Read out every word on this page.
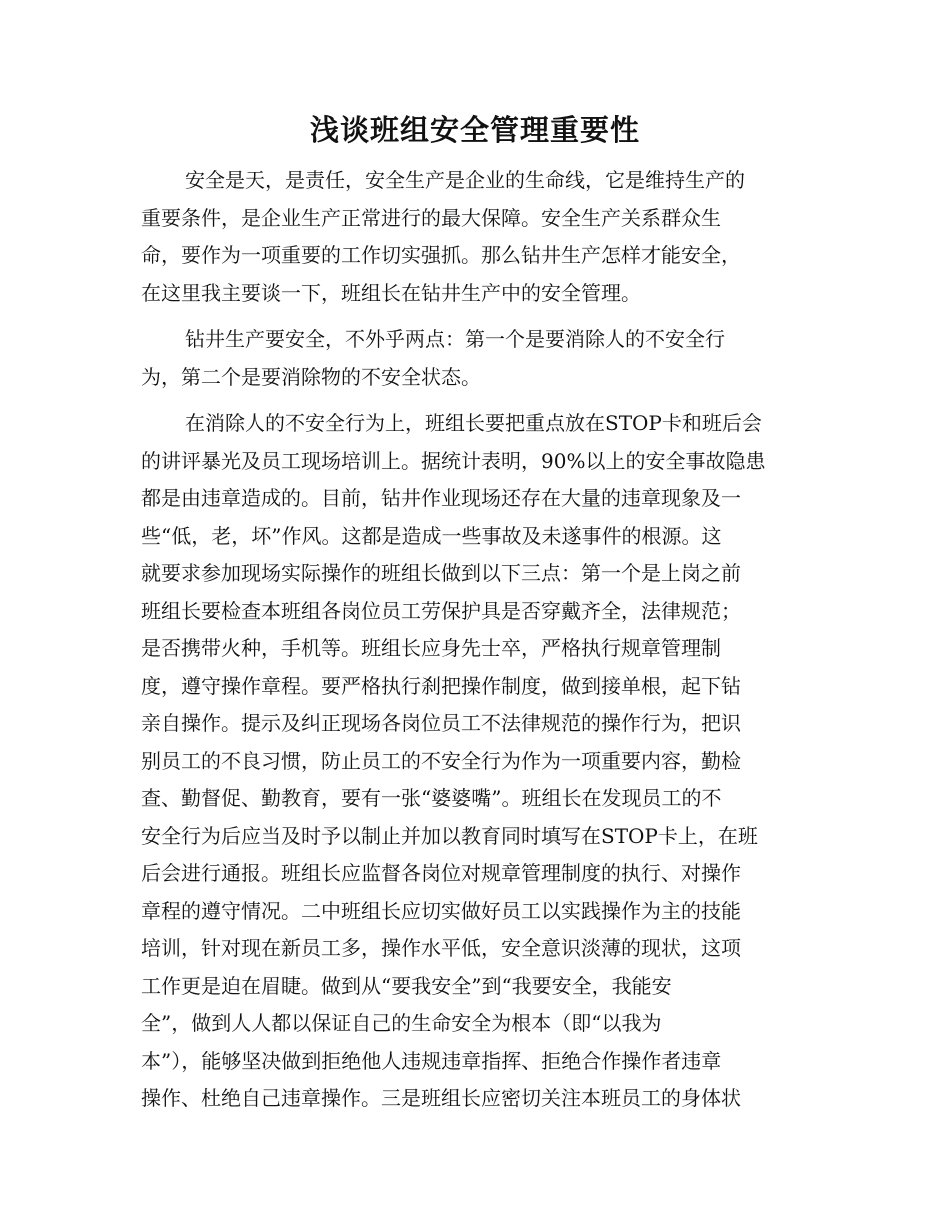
浅谈班组安全管理重要性
安全是天，是责任，安全生产是企业的生命线，它是维持生产的
重要条件，是企业生产正常进行的最大保障。安全生产关系群众生
命，要作为一项重要的工作切实强抓。那么钻井生产怎样才能安全，
在这里我主要谈一下，班组长在钻井生产中的安全管理。
钻井生产要安全，不外乎两点：第一个是要消除人的不安全行
为，第二个是要消除物的不安全状态。
在消除人的不安全行为上，班组长要把重点放在STOP卡和班后会
的讲评暴光及员工现场培训上。据统计表明，90%以上的安全事故隐患
都是由违章造成的。目前，钻井作业现场还存在大量的违章现象及一
些“低，老，坏”作风。这都是造成一些事故及未遂事件的根源。这
就要求参加现场实际操作的班组长做到以下三点：第一个是上岗之前
班组长要检查本班组各岗位员工劳保护具是否穿戴齐全，法律规范；
是否携带火种，手机等。班组长应身先士卒，严格执行规章管理制
度，遵守操作章程。要严格执行刹把操作制度，做到接单根，起下钻
亲自操作。提示及纠正现场各岗位员工不法律规范的操作行为，把识
别员工的不良习惯，防止员工的不安全行为作为一项重要内容，勤检
查、勤督促、勤教育，要有一张“婆婆嘴”。班组长在发现员工的不
安全行为后应当及时予以制止并加以教育同时填写在STOP卡上，在班
后会进行通报。班组长应监督各岗位对规章管理制度的执行、对操作
章程的遵守情况。二中班组长应切实做好员工以实践操作为主的技能
培训，针对现在新员工多，操作水平低，安全意识淡薄的现状，这项
工作更是迫在眉睫。做到从“要我安全”到“我要安全，我能安
全”，做到人人都以保证自己的生命安全为根本（即“以我为
本”），能够坚决做到拒绝他人违规违章指挥、拒绝合作操作者违章
操作、杜绝自己违章操作。三是班组长应密切关注本班员工的身体状
